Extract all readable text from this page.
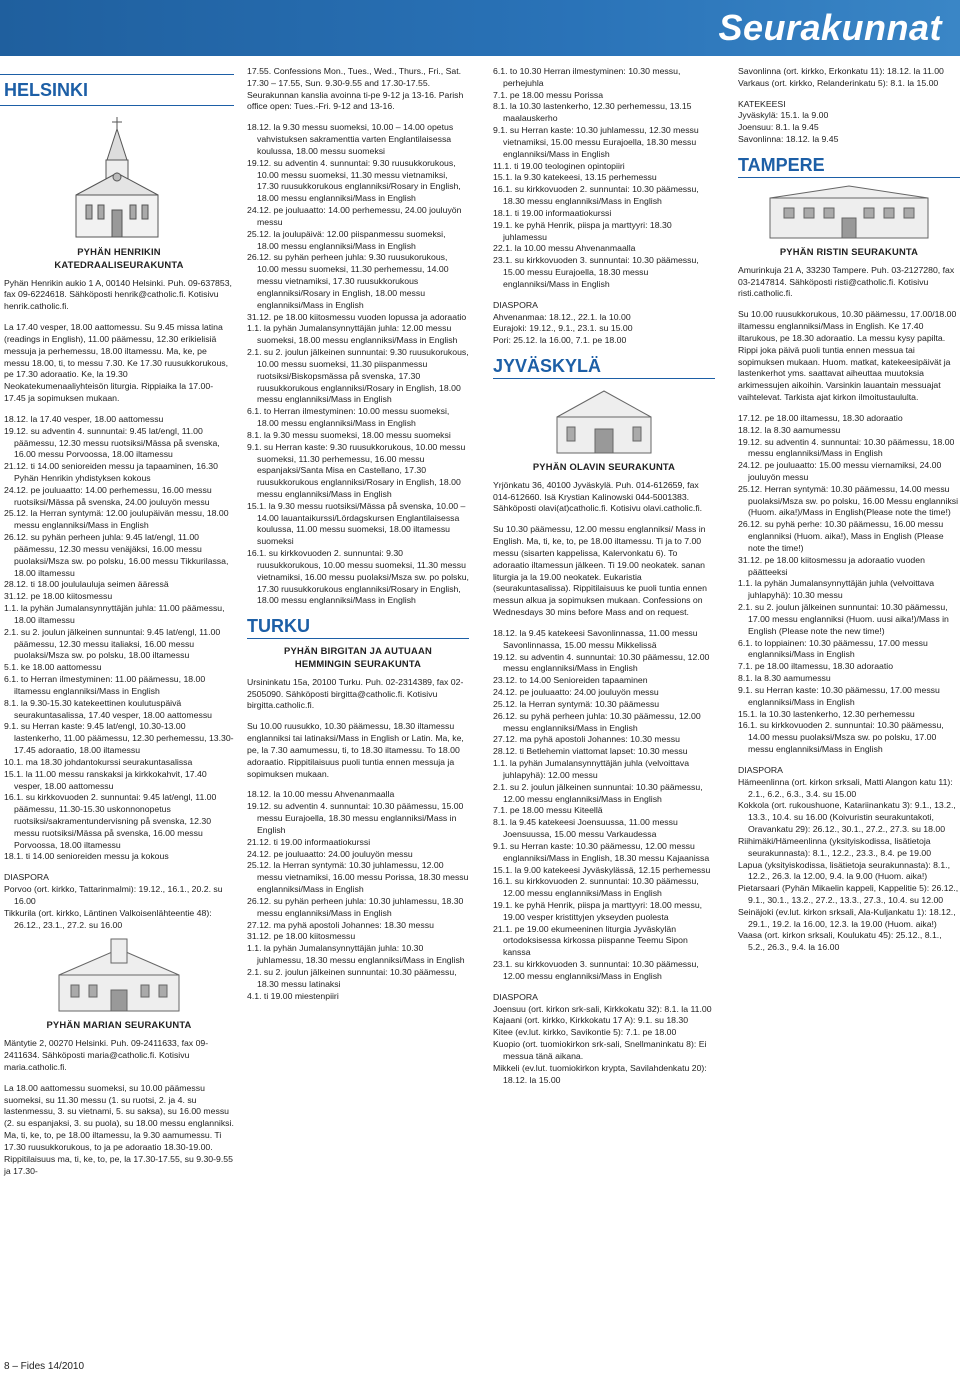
Seurakunnat
HELSINKI
PYHÄN HENRIKIN KATEDRAALISEURAKUNTA

Pyhän Henrikin aukio 1 A, 00140 Helsinki. Puh. 09-637853, fax 09-6224618. Sähköposti henrik@catholic.fi. Kotisivu henrik.catholic.fi.

La 17.40 vesper, 18.00 aattomessu. Su 9.45 missa latina (readings in English), 11.00 päämessu, 12.30 erikielisiä messuja ja perhemessu, 18.00 iltamessu. Ma, ke, pe messu 18.00, ti, to messu 7.30. Ke 17.30 ruusukkorukous, pe 17.30 adoraatio. Ke, la 19.30 Neokatekumenaaliyhteisön liturgia. Rippiaika la 17.00-17.45 ja sopimuksen mukaan.

18.12. la 17.40 vesper, 18.00 aattomessu

19.12. su adventin 4. sunnuntai: 9.45 lat/engl, 11.00 päämessu, 12.30 messu ruotsiksi/Mässa på svenska, 16.00 messu Porvoossa, 18.00 iltamessu

21.12. ti 14.00 senioreiden messu ja tapaaminen, 16.30 Pyhän Henrikin yhdistyksen kokous

24.12. pe jouluaatto: 14.00 perhemessu, 16.00 messu ruotsiksi/Mässa på svenska, 24.00 jouluyön messu

25.12. la Herran syntymä: 12.00 joulupäivän messu, 18.00 messu englanniksi/Mass in English

26.12. su pyhän perheen juhla: 9.45 lat/engl, 11.00 päämessu, 12.30 messu venäjäksi, 16.00 messu puolaksi/Msza sw. po polsku, 16.00 messu Tikkurilassa, 18.00 iltamessu

28.12. ti 18.00 joululauluja seimen ääressä

31.12. pe 18.00 kiitosmessu

1.1. la pyhän Jumalansynnyttäjän juhla: 11.00 päämessu, 18.00 iltamessu

2.1. su 2. joulun jälkeinen sunnuntai: 9.45 lat/engl, 11.00 päämessu, 12.30 messu italiaksi, 16.00 messu puolaksi/Msza sw. po polsku, 18.00 iltamessu

5.1. ke 18.00 aattomessu

6.1. to Herran ilmestyminen: 11.00 päämessu, 18.00 iltamessu englanniksi/Mass in English

8.1. la 9.30-15.30 katekeettinen koulutuspäivä seurakuntasalissa, 17.40 vesper, 18.00 aattomessu

9.1. su Herran kaste: 9.45 lat/engl, 10.30-13.00 lastenkerho, 11.00 päämessu, 12.30 perhemessu, 13.30-17.45 adoraatio, 18.00 iltamessu

10.1. ma 18.30 johdantokurssi seurakuntasalissa

15.1. la 11.00 messu ranskaksi ja kirkkokahvit, 17.40 vesper, 18.00 aattomessu

16.1. su kirkkovuoden 2. sunnuntai: 9.45 lat/engl, 11.00 päämessu, 11.30-15.30 uskonnonopetus ruotsiksi/sakramentundervisning på svenska, 12.30 messu ruotsiksi/Mässa på svenska, 16.00 messu Porvoossa, 18.00 iltamessu

18.1. ti 14.00 senioreiden messu ja kokous

DIASPORA

Porvoo (ort. kirkko, Tattarinmalmi): 19.12., 16.1., 20.2. su 16.00

Tikkurila (ort. kirkko, Läntinen Valkoisenlähteentie 48): 26.12., 23.1., 27.2. su 16.00

PYHÄN MARIAN SEURAKUNTA

Mäntytie 2, 00270 Helsinki. Puh. 09-2411633, fax 09-2411634. Sähköposti maria@catholic.fi. Kotisivu maria.catholic.fi.

La 18.00 aattomessu suomeksi, su 10.00 päämessu suomeksi, su 11.30 messu (1. su ruotsi, 2. ja 4. su lastenmessu, 3. su vietnami, 5. su saksa), su 16.00 messu (2. su espanjaksi, 3. su puola), su 18.00 messu englanniksi. Ma, ti, ke, to, pe 18.00 iltamessu, la 9.30 aamumessu. Ti 17.30 ruusukkorukous, to ja pe adoraatio 18.30-19.00. Rippitilaisuus ma, ti, ke, to, pe, la 17.30-17.55, su 9.30-9.55 ja 17.30-

17.55. Confessions Mon., Tues., Wed., Thurs., Fri., Sat. 17.30 – 17.55, Sun. 9.30-9.55 and 17.30-17.55. Seurakunnan kanslia avoinna ti-pe 9-12 ja 13-16. Parish office open: Tues.-Fri. 9-12 and 13-16.

18.12. la 9.30 messu suomeksi, 10.00 – 14.00 opetus vahvistuksen sakramenttia varten Englantilaisessa koulussa, 18.00 messu suomeksi

19.12. su adventin 4. sunnuntai: 9.30 ruusukkorukous, 10.00 messu suomeksi, 11.30 messu vietnamiksi, 17.30 ruusukkorukous englanniksi/Rosary in English, 18.00 messu englanniksi/Mass in English

24.12. pe jouluaatto: 14.00 perhemessu, 24.00 jouluyön messu

25.12. la joulupäivä: 12.00 piispanmessu suomeksi, 18.00 messu englanniksi/Mass in English

26.12. su pyhän perheen juhla: 9.30 ruusukorukous, 10.00 messu suomeksi, 11.30 perhemessu, 14.00 messu vietnamiksi, 17.30 ruusukkorukous englanniksi/Rosary in English, 18.00 messu englanniksi/Mass in English

31.12. pe 18.00 kiitosmessu vuoden lopussa ja adoraatio

1.1. la pyhän Jumalansynnyttäjän juhla: 12.00 messu suomeksi, 18.00 messu englanniksi/Mass in English

2.1. su 2. joulun jälkeinen sunnuntai: 9.30 ruusukorukous, 10.00 messu suomeksi, 11.30 piispanmessu ruotsiksi/Biskopsmässa på svenska, 17.30 ruusukkorukous englanniksi/Rosary in English, 18.00 messu englanniksi/Mass in English

6.1. to Herran ilmestyminen: 10.00 messu suomeksi, 18.00 messu englanniksi/Mass in English

8.1. la 9.30 messu suomeksi, 18.00 messu suomeksi

9.1. su Herran kaste: 9.30 ruusukkorukous, 10.00 messu suomeksi, 11.30 perhemessu, 16.00 messu espanjaksi/Santa Misa en Castellano, 17.30 ruusukkorukous englanniksi/Rosary in English, 18.00 messu englanniksi/Mass in English

15.1. la 9.30 messu ruotsiksi/Mässa på svenska, 10.00 – 14.00 lauantaikurssi/Lördagskursen Englantilaisessa koulussa, 11.00 messu suomeksi, 18.00 iltamessu suomeksi

16.1. su kirkkovuoden 2. sunnuntai: 9.30 ruusukkorukous, 10.00 messu suomeksi, 11.30 messu vietnamiksi, 16.00 messu puolaksi/Msza sw. po polsku, 17.30 ruusukkorukous englanniksi/Rosary in English, 18.00 messu englanniksi/Mass in English

TURKU
PYHÄN BIRGITAN JA AUTUAAN HEMMINGIN SEURAKUNTA

Ursininkatu 15a, 20100 Turku. Puh. 02-2314389, fax 02-2505090. Sähköposti birgitta@catholic.fi. Kotisivu birgitta.catholic.fi.

Su 10.00 ruusukko, 10.30 päämessu, 18.30 iltamessu englanniksi tai latinaksi/Mass in English or Latin. Ma, ke, pe, la 7.30 aamumessu, ti, to 18.30 iltamessu. To 18.00 adoraatio. Rippitilaisuus puoli tuntia ennen messuja ja sopimuksen mukaan.

18.12. la 10.00 messu Ahvenanmaalla

19.12. su adventin 4. sunnuntai: 10.30 päämessu, 15.00 messu Eurajoella, 18.30 messu englanniksi/Mass in English

21.12. ti 19.00 informaatiokurssi

24.12. pe jouluaatto: 24.00 jouluyön messu

25.12. la Herran syntymä: 10.30 juhlamessu, 12.00 messu vietnamiksi, 16.00 messu Porissa, 18.30 messu englanniksi/Mass in English

26.12. su pyhän perheen juhla: 10.30 juhlamessu, 18.30 messu englanniksi/Mass in English

27.12. ma pyhä apostoli Johannes: 18.30 messu

31.12. pe 18.00 kiitosmessu

1.1. la pyhän Jumalansynnyttäjän juhla: 10.30 juhlamessu, 18.30 messu englanniksi/Mass in English

2.1. su 2. joulun jälkeinen sunnuntai: 10.30 päämessu, 18.30 messu latinaksi

4.1. ti 19.00 miestenpiiri

6.1. to 10.30 Herran ilmestyminen: 10.30 messu, perhejuhla

7.1. pe 18.00 messu Porissa

8.1. la 10.30 lastenkerho, 12.30 perhemessu, 13.15 maalauskerho

9.1. su Herran kaste: 10.30 juhlamessu, 12.30 messu vietnamiksi, 15.00 messu Eurajoella, 18.30 messu englanniksi/Mass in English

11.1. ti 19.00 teologinen opintopiiri

15.1. la 9.30 katekeesi, 13.15 perhemessu

16.1. su kirkkovuoden 2. sunnuntai: 10.30 päämessu, 18.30 messu englanniksi/Mass in English

18.1. ti 19.00 informaatiokurssi

19.1. ke pyhä Henrik, piispa ja marttyyri: 18.30 juhlamessu

22.1. la 10.00 messu Ahvenanmaalla

23.1. su kirkkovuoden 3. sunnuntai: 10.30 päämessu, 15.00 messu Eurajoella, 18.30 messu englanniksi/Mass in English

DIASPORA

Ahvenanmaa: 18.12., 22.1. la 10.00

Eurajoki: 19.12., 9.1., 23.1. su 15.00

Pori: 25.12. la 16.00, 7.1. pe 18.00

JYVÄSKYLÄ
PYHÄN OLAVIN SEURAKUNTA

Yrjönkatu 36, 40100 Jyväskylä. Puh. 014-612659, fax 014-612660. Isä Krystian Kalinowski 044-5001383. Sähköposti olavi(at)catholic.fi. Kotisivu olavi.catholic.fi.

Su 10.30 päämessu, 12.00 messu englanniksi/ Mass in English. Ma, ti, ke, to, pe 18.00 iltamessu. Ti ja to 7.00 messu (sisarten kappelissa, Kalervonkatu 6). To adoraatio iltamessun jälkeen. Ti 19.00 neokatek. sanan liturgia ja la 19.00 neokatek. Eukaristia (seurakuntasalissa). Rippitilaisuus ke puoli tuntia ennen messun alkua ja sopimuksen mukaan. Confessions on Wednesdays 30 mins before Mass and on request.

18.12. la 9.45 katekeesi Savonlinnassa, 11.00 messu Savonlinnassa, 15.00 messu Mikkelissä

19.12. su adventin 4. sunnuntai: 10.30 päämessu, 12.00 messu englanniksi/Mass in English

23.12. to 14.00 Senioreiden tapaaminen

24.12. pe jouluaatto: 24.00 jouluyön messu

25.12. la Herran syntymä: 10.30 päämessu

26.12. su pyhä perheen juhla: 10.30 päämessu, 12.00 messu englanniksi/Mass in English

27.12. ma pyhä apostoli Johannes: 10.30 messu

28.12. ti Betlehemin viattomat lapset: 10.30 messu

1.1. la pyhän Jumalansynnyttäjän juhla (velvoittava juhlapyhä): 12.00 messu

2.1. su 2. joulun jälkeinen sunnuntai: 10.30 päämessu, 12.00 messu englanniksi/Mass in English

7.1. pe 18.00 messu Kiteellä

8.1. la 9.45 katekeesi Joensuussa, 11.00 messu Joensuussa, 15.00 messu Varkaudessa

9.1. su Herran kaste: 10.30 päämessu, 12.00 messu englanniksi/Mass in English, 18.30 messu Kajaanissa

15.1. la 9.00 katekeesi Jyväskylässä, 12.15 perhemessu

16.1. su kirkkovuoden 2. sunnuntai: 10.30 päämessu, 12.00 messu englanniksi/Mass in English

19.1. ke pyhä Henrik, piispa ja marttyyri: 18.00 messu, 19.00 vesper kristittyjen ykseyden puolesta

21.1. pe 19.00 ekumeeninen liturgia Jyväskylän ortodoksisessa kirkossa piispanne Teemu Sipon kanssa

23.1. su kirkkovuoden 3. sunnuntai: 10.30 päämessu, 12.00 messu englanniksi/Mass in English

DIASPORA

Joensuu (ort. kirkon srk-sali, Kirkkokatu 32): 8.1. la 11.00

Kajaani (ort. kirkko, Kirkkokatu 17 A): 9.1. su 18.30

Kitee (ev.lut. kirkko, Savikontie 5): 7.1. pe 18.00

Kuopio (ort. tuomiokirkon srk-sali, Snellmaninkatu 8): Ei messua tänä aikana.

Mikkeli (ev.lut. tuomiokirkon krypta, Savilahdenkatu 20): 18.12. la 15.00

Savonlinna (ort. kirkko, Erkonkatu 11): 18.12. la 11.00

Varkaus (ort. kirkko, Relanderinkatu 5): 8.1. la 15.00

KATEKEESI

Jyväskylä: 15.1. la 9.00

Joensuu: 8.1. la 9.45

Savonlinna: 18.12. la 9.45

TAMPERE
PYHÄN RISTIN SEURAKUNTA

Amurinkuja 21 A, 33230 Tampere. Puh. 03-2127280, fax 03-2147814. Sähköposti risti@catholic.fi. Kotisivu risti.catholic.fi.

Su 10.00 ruusukkorukous, 10.30 päämessu, 17.00/18.00 iltamessu englanniksi/Mass in English. Ke 17.40 iltarukous, pe 18.30 adoraatio. La messu kysy papilta. Rippi joka päivä puoli tuntia ennen messua tai sopimuksen mukaan. Huom. matkat, katekeesipäivät ja lastenkerhot yms. saattavat aiheuttaa muutoksia arkimessujen aikoihin. Varsinkin lauantain messuajat vaihtelevat. Tarkista ajat kirkon ilmoitustaululta.

17.12. pe 18.00 iltamessu, 18.30 adoraatio

18.12. la 8.30 aamumessu

19.12. su adventin 4. sunnuntai: 10.30 päämessu, 18.00 messu englanniksi/Mass in English

24.12. pe jouluaatto: 15.00 messu viernamiksi, 24.00 jouluyön messu

25.12. Herran syntymä: 10.30 päämessu, 14.00 messu puolaksi/Msza sw. po polsku, 16.00 Messu englanniksi (Huom. aika!)/Mass in English(Please note the time!)

26.12. su pyhä perhe: 10.30 päämessu, 16.00 messu englanniksi (Huom. aika!), Mass in English (Please note the time!)

31.12. pe 18.00 kiitosmessu ja adoraatio vuoden päätteeksi

1.1. la pyhän Jumalansynnyttäjän juhla (velvoittava juhlapyhä): 10.30 messu

2.1. su 2. joulun jälkeinen sunnuntai: 10.30 päämessu, 17.00 messu englanniksi (Huom. uusi aika!)/Mass in English (Please note the new time!)

6.1. to loppiainen: 10.30 päämessu, 17.00 messu englanniksi/Mass in English

7.1. pe 18.00 iltamessu, 18.30 adoraatio

8.1. la 8.30 aamumessu

9.1. su Herran kaste: 10.30 päämessu, 17.00 messu englanniksi/Mass in English

15.1. la 10.30 lastenkerho, 12.30 perhemessu

16.1. su kirkkovuoden 2. sunnuntai: 10.30 päämessu, 14.00 messu puolaksi/Msza sw. po polsku, 17.00 messu englanniksi/Mass in English

DIASPORA

Hämeenlinna (ort. kirkon srksali, Matti Alangon katu 11): 2.1., 6.2., 6.3., 3.4. su 15.00

Kokkola (ort. rukoushuone, Katariinankatu 3): 9.1., 13.2., 13.3., 10.4. su 16.00 (Koivuristin seurakuntakoti, Oravankatu 29): 26.12., 30.1., 27.2., 27.3. su 18.00

Riihimäki/Hämeenlinna (yksityiskodissa, lisätietoja seurakunnasta): 8.1., 12.2., 23.3., 8.4. pe 19.00

Lapua (yksityiskodissa, lisätietoja seurakunnasta): 8.1., 12.2., 26.3. la 12.00, 9.4. la 9.00 (Huom. aika!)

Pietarsaari (Pyhän Mikaelin kappeli, Kappelitie 5): 26.12., 9.1., 30.1., 13.2., 27.2., 13.3., 27.3., 10.4. su 12.00

Seinäjoki (ev.lut. kirkon srksali, Ala-Kuljankatu 1): 18.12., 29.1., 19.2. la 16.00, 12.3. la 19.00 (Huom. aika!)

Vaasa (ort. kirkon srksali, Koulukatu 45): 25.12., 8.1., 5.2., 26.3., 9.4. la 16.00

8 – Fides 14/2010
